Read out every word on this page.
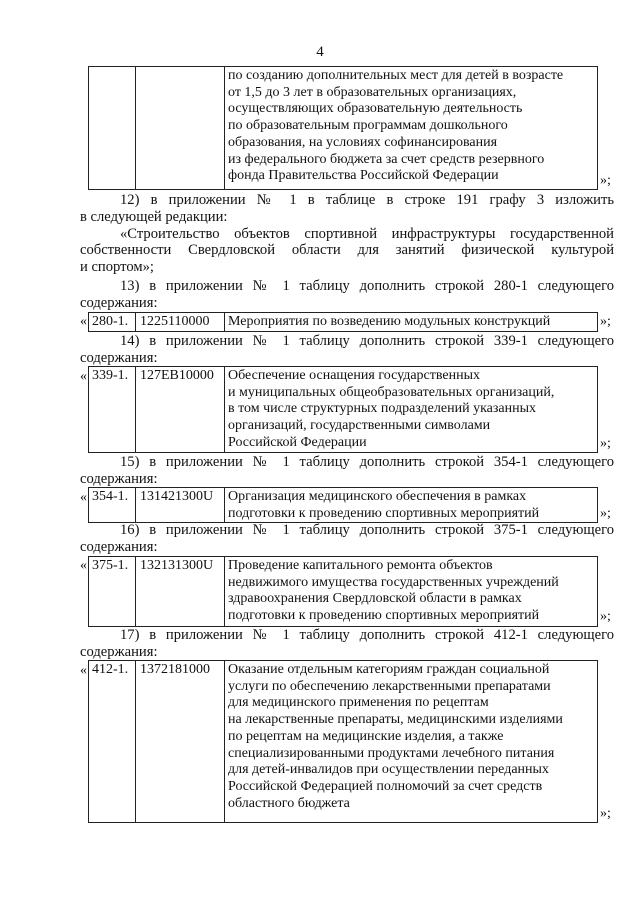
4
по созданию дополнительных мест для детей в возрасте
от 1,5 до 3 лет в образовательных организациях,
осуществляющих образовательную деятельность
по образовательным программам дошкольного
образования, на условиях софинансирования
из федерального бюджета за счет средств резервного
фонда Правительства Российской Федерации	»;
12) в приложении № 1 в таблице в строке 191 графу 3 изложить
в следующей редакции:
«Строительство объектов спортивной инфраструктуры государственной
собственности Свердловской области для занятий физической культурой
и спортом»;
13) в приложении № 1 таблицу дополнить строкой 280-1 следующего
содержания:
« 280-1. 1225110000 Мероприятия по возведению модульных конструкций	»;
14) в приложении № 1 таблицу дополнить строкой 339-1 следующего
содержания:
« 339-1. 127ЕВ10000 Обеспечение оснащения государственных
и муниципальных общеобразовательных организаций,
в том числе структурных подразделений указанных
организаций, государственными символами
Российской Федерации	»;
15) в приложении № 1 таблицу дополнить строкой 354-1 следующего
содержания:
« 354-1. 131421300U Организация медицинского обеспечения в рамках
подготовки к проведению спортивных мероприятий	»;
16) в приложении № 1 таблицу дополнить строкой 375-1 следующего
содержания:
« 375-1. 132131300U Проведение капитального ремонта объектов
недвижимого имущества государственных учреждений
здравоохранения Свердловской области в рамках
подготовки к проведению спортивных мероприятий	»;
17) в приложении № 1 таблицу дополнить строкой 412-1 следующего
содержания:
« 412-1. 1372181000 Оказание отдельным категориям граждан социальной
услуги по обеспечению лекарственными препаратами
для медицинского применения по рецептам
на лекарственные препараты, медицинскими изделиями
по рецептам на медицинские изделия, а также
специализированными продуктами лечебного питания
для детей-инвалидов при осуществлении переданных
Российской Федерацией полномочий за счет средств
областного бюджета
»;
